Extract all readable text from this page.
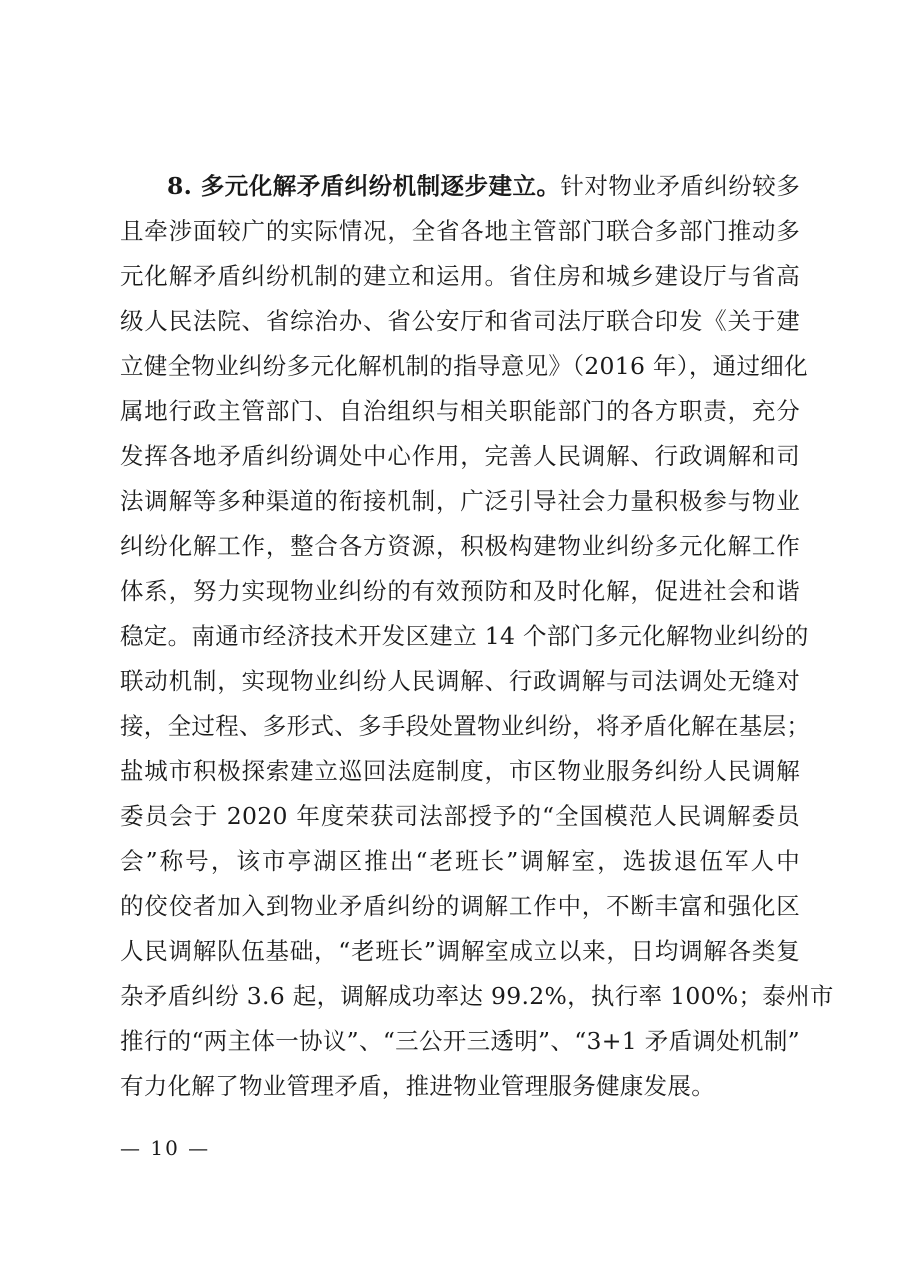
8. 多元化解矛盾纠纷机制逐步建立。针对物业矛盾纠纷较多
且牵涉面较广的实际情况，全省各地主管部门联合多部门推动多
元化解矛盾纠纷机制的建立和运用。省住房和城乡建设厅与省高
级人民法院、省综治办、省公安厅和省司法厅联合印发《关于建
立健全物业纠纷多元化解机制的指导意见》（2016 年），通过细化
属地行政主管部门、自治组织与相关职能部门的各方职责，充分
发挥各地矛盾纠纷调处中心作用，完善人民调解、行政调解和司
法调解等多种渠道的衔接机制，广泛引导社会力量积极参与物业
纠纷化解工作，整合各方资源，积极构建物业纠纷多元化解工作
体系，努力实现物业纠纷的有效预防和及时化解，促进社会和谐
稳定。南通市经济技术开发区建立 14 个部门多元化解物业纠纷的
联动机制，实现物业纠纷人民调解、行政调解与司法调处无缝对
接，全过程、多形式、多手段处置物业纠纷，将矛盾化解在基层；
盐城市积极探索建立巡回法庭制度，市区物业服务纠纷人民调解
委员会于 2020 年度荣获司法部授予的“全国模范人民调解委员
会”称号，该市亭湖区推出“老班长”调解室，选拔退伍军人中
的佼佼者加入到物业矛盾纠纷的调解工作中，不断丰富和强化区
人民调解队伍基础，“老班长”调解室成立以来，日均调解各类复
杂矛盾纠纷 3.6 起，调解成功率达 99.2%，执行率 100%；泰州市
推行的“两主体一协议”、“三公开三透明”、“3+1 矛盾调处机制”
有力化解了物业管理矛盾，推进物业管理服务健康发展。
— 10 —
